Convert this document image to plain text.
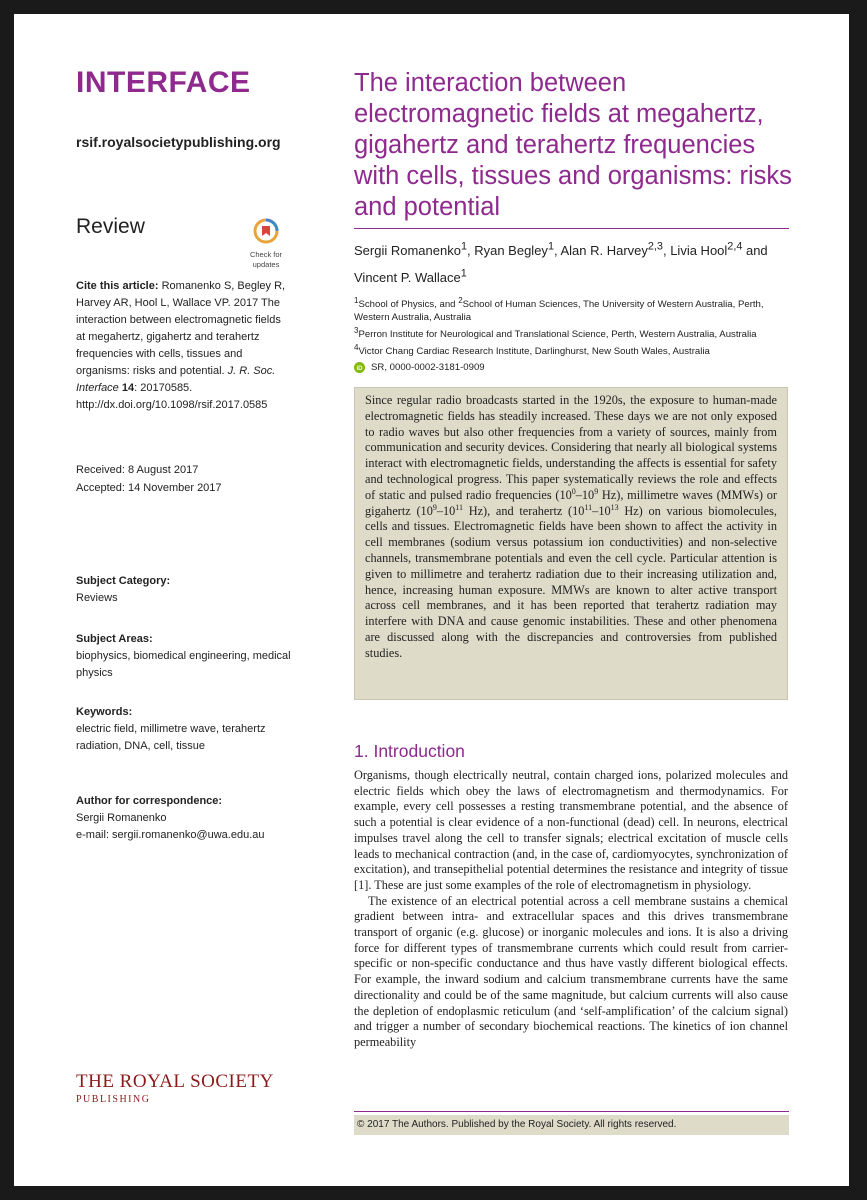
INTERFACE
rsif.royalsocietypublishing.org
Review
Check for
updates
Cite this article: Romanenko S, Begley R, Harvey AR, Hool L, Wallace VP. 2017 The interaction between electromagnetic fields at megahertz, gigahertz and terahertz frequencies with cells, tissues and organisms: risks and potential. J. R. Soc. Interface 14: 20170585. http://dx.doi.org/10.1098/rsif.2017.0585
Received: 8 August 2017
Accepted: 14 November 2017
Subject Category:
Reviews
Subject Areas:
biophysics, biomedical engineering, medical physics
Keywords:
electric field, millimetre wave, terahertz radiation, DNA, cell, tissue
Author for correspondence:
Sergii Romanenko
e-mail: sergii.romanenko@uwa.edu.au
The interaction between electromagnetic fields at megahertz, gigahertz and terahertz frequencies with cells, tissues and organisms: risks and potential
Sergii Romanenko$^1$, Ryan Begley$^1$, Alan R. Harvey$^{2,3}$, Livia Hool$^{2,4}$ and Vincent P. Wallace$^1$
$^1$School of Physics, and $^2$School of Human Sciences, The University of Western Australia, Perth, Western Australia, Australia
$^3$Perron Institute for Neurological and Translational Science, Perth, Western Australia, Australia
$^4$Victor Chang Cardiac Research Institute, Darlinghurst, New South Wales, Australia
iD SR, 0000-0002-3181-0909
Since regular radio broadcasts started in the 1920s, the exposure to human-made electromagnetic fields has steadily increased. These days we are not only exposed to radio waves but also other frequencies from a variety of sources, mainly from communication and security devices. Considering that nearly all biological systems interact with electromagnetic fields, understanding the affects is essential for safety and technological progress. This paper systematically reviews the role and effects of static and pulsed radio frequencies ($10^0-10^9$ Hz), millimetre waves (MMWs) or gigahertz ($10^9-10^{11}$ Hz), and terahertz ($10^{11}-10^{13}$ Hz) on various biomolecules, cells and tissues. Electromagnetic fields have been shown to affect the activity in cell membranes (sodium versus potassium ion conductivities) and non-selective channels, transmembrane potentials and even the cell cycle. Particular attention is given to millimetre and terahertz radiation due to their increasing utilization and, hence, increasing human exposure. MMWs are known to alter active transport across cell membranes, and it has been reported that terahertz radiation may interfere with DNA and cause genomic instabilities. These and other phenomena are discussed along with the discrepancies and controversies from published studies.
1. Introduction

Organisms, though electrically neutral, contain charged ions, polarized molecules and electric fields which obey the laws of electromagnetism and thermodynamics. For example, every cell possesses a resting transmembrane potential, and the absence of such a potential is clear evidence of a non-functional (dead) cell. In neurons, electrical impulses travel along the cell to transfer signals; electrical excitation of muscle cells leads to mechanical contraction (and, in the case of, cardiomyocytes, synchronization of excitation), and transepithelial potential determines the resistance and integrity of tissue [1]. These are just some examples of the role of electromagnetism in physiology.

The existence of an electrical potential across a cell membrane sustains a chemical gradient between intra- and extracellular spaces and this drives transmembrane transport of organic (e.g. glucose) or inorganic molecules and ions. It is also a driving force for different types of transmembrane currents which could result from carrier-specific or non-specific conductance and thus have vastly different biological effects. For example, the inward sodium and calcium transmembrane currents have the same directionality and could be of the same magnitude, but calcium currents will also cause the depletion of endoplasmic reticulum (and ‘self-amplification’ of the calcium signal) and trigger a number of secondary biochemical reactions. The kinetics of ion channel permeability

THE ROYAL SOCIETY
PUBLISHING
© 2017 The Authors. Published by the Royal Society. All rights reserved.
